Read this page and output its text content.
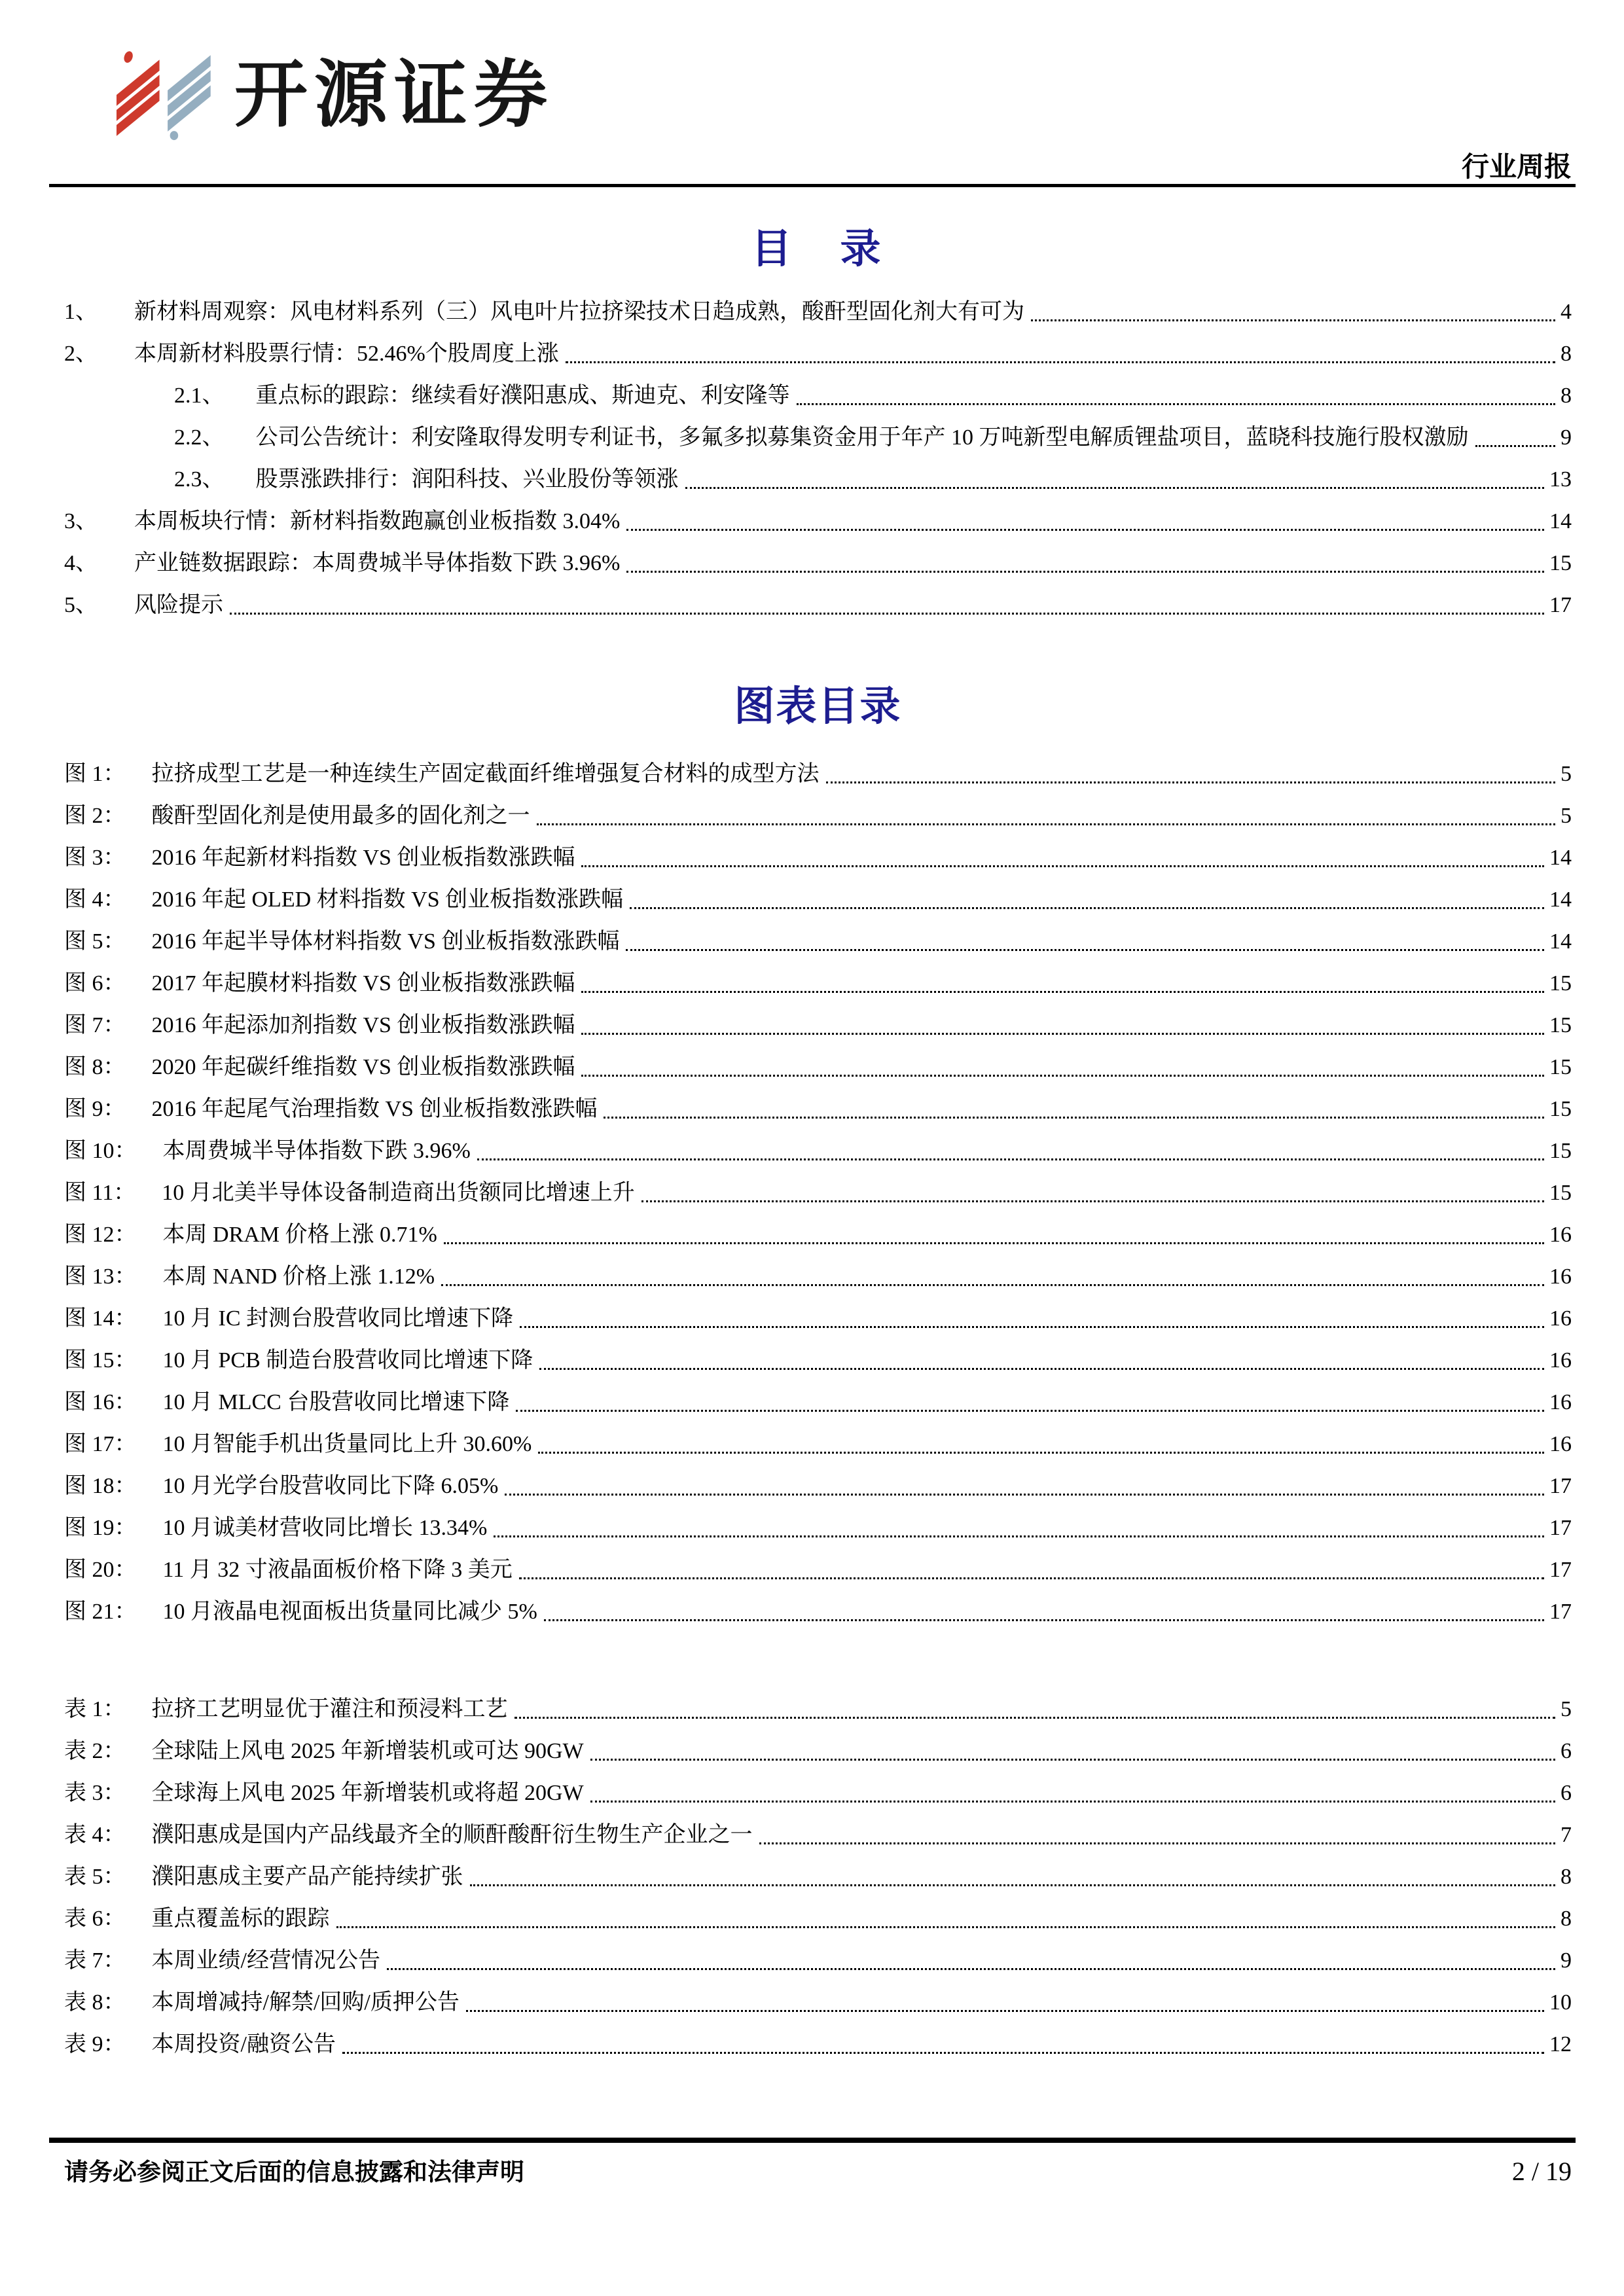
开源证券
行业周报
目　录
1、 新材料周观察：风电材料系列（三）风电叶片拉挤梁技术日趋成熟，酸酐型固化剂大有可为	4
2、 本周新材料股票行情：52.46%个股周度上涨	8
2.1、 重点标的跟踪：继续看好濮阳惠成、斯迪克、利安隆等	8
2.2、 公司公告统计：利安隆取得发明专利证书，多氟多拟募集资金用于年产 10 万吨新型电解质锂盐项目，蓝晓科技施行股权激励	9
2.3、 股票涨跌排行：润阳科技、兴业股份等领涨	13
3、 本周板块行情：新材料指数跑赢创业板指数 3.04%	14
4、 产业链数据跟踪：本周费城半导体指数下跌 3.96%	15
5、 风险提示	17
图表目录
图 1： 拉挤成型工艺是一种连续生产固定截面纤维增强复合材料的成型方法	5
图 2： 酸酐型固化剂是使用最多的固化剂之一	5
图 3： 2016 年起新材料指数 VS 创业板指数涨跌幅	14
图 4： 2016 年起 OLED 材料指数 VS 创业板指数涨跌幅	14
图 5： 2016 年起半导体材料指数 VS 创业板指数涨跌幅	14
图 6： 2017 年起膜材料指数 VS 创业板指数涨跌幅	15
图 7： 2016 年起添加剂指数 VS 创业板指数涨跌幅	15
图 8： 2020 年起碳纤维指数 VS 创业板指数涨跌幅	15
图 9： 2016 年起尾气治理指数 VS 创业板指数涨跌幅	15
图 10： 本周费城半导体指数下跌 3.96%	15
图 11： 10 月北美半导体设备制造商出货额同比增速上升	15
图 12： 本周 DRAM 价格上涨 0.71%	16
图 13： 本周 NAND 价格上涨 1.12%	16
图 14： 10 月 IC 封测台股营收同比增速下降	16
图 15： 10 月 PCB 制造台股营收同比增速下降	16
图 16： 10 月 MLCC 台股营收同比增速下降	16
图 17： 10 月智能手机出货量同比上升 30.60%	16
图 18： 10 月光学台股营收同比下降 6.05%	17
图 19： 10 月诚美材营收同比增长 13.34%	17
图 20： 11 月 32 寸液晶面板价格下降 3 美元	17
图 21： 10 月液晶电视面板出货量同比减少 5%	17
表 1： 拉挤工艺明显优于灌注和预浸料工艺	5
表 2： 全球陆上风电 2025 年新增装机或可达 90GW	6
表 3： 全球海上风电 2025 年新增装机或将超 20GW	6
表 4： 濮阳惠成是国内产品线最齐全的顺酐酸酐衍生物生产企业之一	7
表 5： 濮阳惠成主要产品产能持续扩张	8
表 6： 重点覆盖标的跟踪	8
表 7： 本周业绩/经营情况公告	9
表 8： 本周增减持/解禁/回购/质押公告	10
表 9： 本周投资/融资公告	12
请务必参阅正文后面的信息披露和法律声明	2 / 19
